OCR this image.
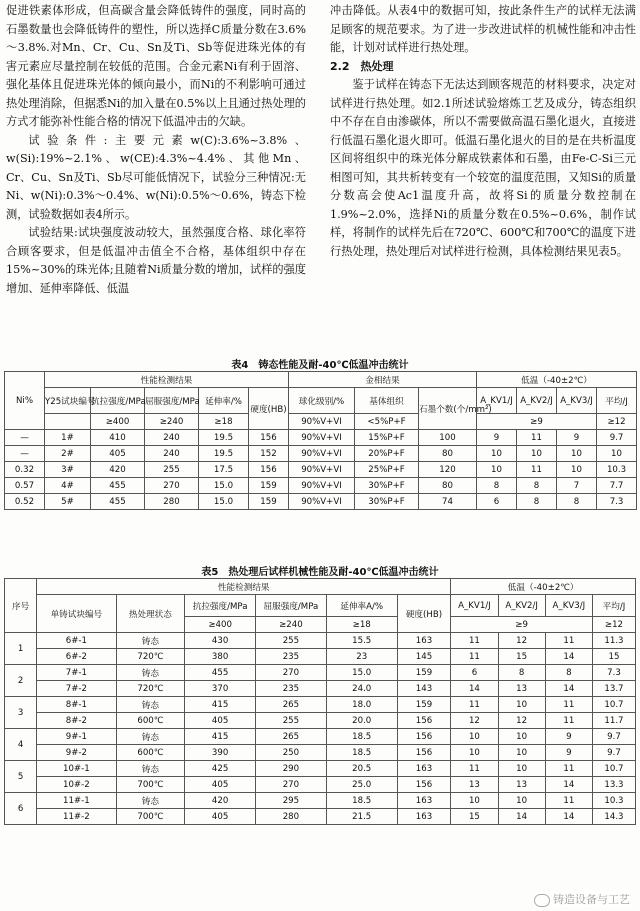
促进铁素体形成，但高碳含量会降低铸件的强度，同时高的石墨数量也会降低铸件的塑性，所以选择C质量分数在3.6%～3.8%.对Mn、Cr、Cu、Sn及Ti、Sb等促进珠光体的有害元素应尽量控制在较低的范围。合金元素Ni有利于固溶、强化基体且促进珠光体的倾向最小，而Ni的不利影响可通过热处理消除，但据悉Ni的加入量在0.5%以上且通过热处理的方式才能弥补性能合格的情况下低温冲击的欠缺。

试验条件:主要元素w(C):3.6%~3.8%、w(Si):19%~2.1%、w(CE):4.3%~4.4%、其他Mn、Cr、Cu、Sn及Ti、Sb尽可能低情况下，试验分三种情况:无Ni、w(Ni):0.3%～0.4%、w(Ni):0.5%～0.6%，铸态下检测，试验数据如表4所示。

试验结果:试块强度波动较大，虽然强度合格、球化率符合顾客要求，但是低温冲击值全不合格，基体组织中存在15%~30%的珠光体;且随着Ni质量分数的增加，试样的强度增加、延伸率降低、低温

冲击降低。从表4中的数据可知，按此条件生产的试样无法满足顾客的规范要求。为了进一步改进试样的机械性能和冲击性能，计划对试样进行热处理。

2.2　热处理

鉴于试样在铸态下无法达到顾客规范的材料要求，决定对试样进行热处理。如2.1所述试验熔炼工艺及成分，铸态组织中不存在自由渗碳体，所以不需要做高温石墨化退火，直接进行低温石墨化退火即可。低温石墨化退火的目的是在共析温度区间将组织中的珠光体分解成铁素体和石墨，由Fe-C-Si三元相图可知，其共析转变有一个较宽的温度范围，又知Si的质量分数高会使Ac1温度升高，故将Si的质量分数控制在1.9%~2.0%，选择Ni的质量分数在0.5%~0.6%，制作试样，将制作的试样先后在720℃、600℃和700℃的温度下进行热处理，热处理后对试样进行检测，具体检测结果见表5。

表4　铸态性能及耐-40℃低温冲击统计
Ni%	性能检测结果					金相结果			低温（-40±2℃）			
	Y25试块编号	抗拉强度/MPa	屈服强度/MPa	延伸率/%	硬度(HB)	球化级别/%	基体组织	石墨个数(个/mm²)	A_KV1/J	A_KV2/J	A_KV3/J	平均/J
		≥400	≥240	≥18		90%V+VI	<5%P+F		≥9			≥12
—	1#	410	240	19.5	156	90%V+VI	15%P+F	100	9	11	9	9.7
—	2#	405	240	19.5	152	90%V+VI	20%P+F	80	10	10	10	10
0.32	3#	420	255	17.5	156	90%V+VI	25%P+F	120	10	11	10	10.3
0.57	4#	455	270	15.0	159	90%V+VI	30%P+F	80	8	8	7	7.7
0.52	5#	455	280	15.0	159	90%V+VI	30%P+F	74	6	8	8	7.3
表5　热处理后试样机械性能及耐-40℃低温冲击统计
序号	性能检测结果						低温（-40±2℃）			
	单铸试块编号	热处理状态	抗拉强度/MPa	屈服强度/MPa	延伸率A/%	硬度(HB)	A_KV1/J	A_KV2/J	A_KV3/J	平均/J
			≥400	≥240	≥18		≥9			≥12
1	6#-1	铸态	430	255	15.5	163	11	12	11	11.3
	6#-2	720℃	380	235	23	145	11	15	14	15
2	7#-1	铸态	455	270	15.0	159	6	8	8	7.3
	7#-2	720℃	370	235	24.0	143	14	13	14	13.7
3	8#-1	铸态	415	265	18.0	159	11	10	11	10.7
	8#-2	600℃	405	255	20.0	156	12	12	11	11.7
4	9#-1	铸态	415	265	18.5	156	10	10	9	9.7
	9#-2	600℃	390	250	18.5	156	10	10	9	9.7
5	10#-1	铸态	425	290	20.5	163	11	10	11	10.7
	10#-2	700℃	405	270	25.0	156	13	13	14	13.3
6	11#-1	铸态	420	295	18.5	163	10	10	11	10.3
	11#-2	700℃	405	280	21.5	163	15	14	14	14.3
铸造设备与工艺
